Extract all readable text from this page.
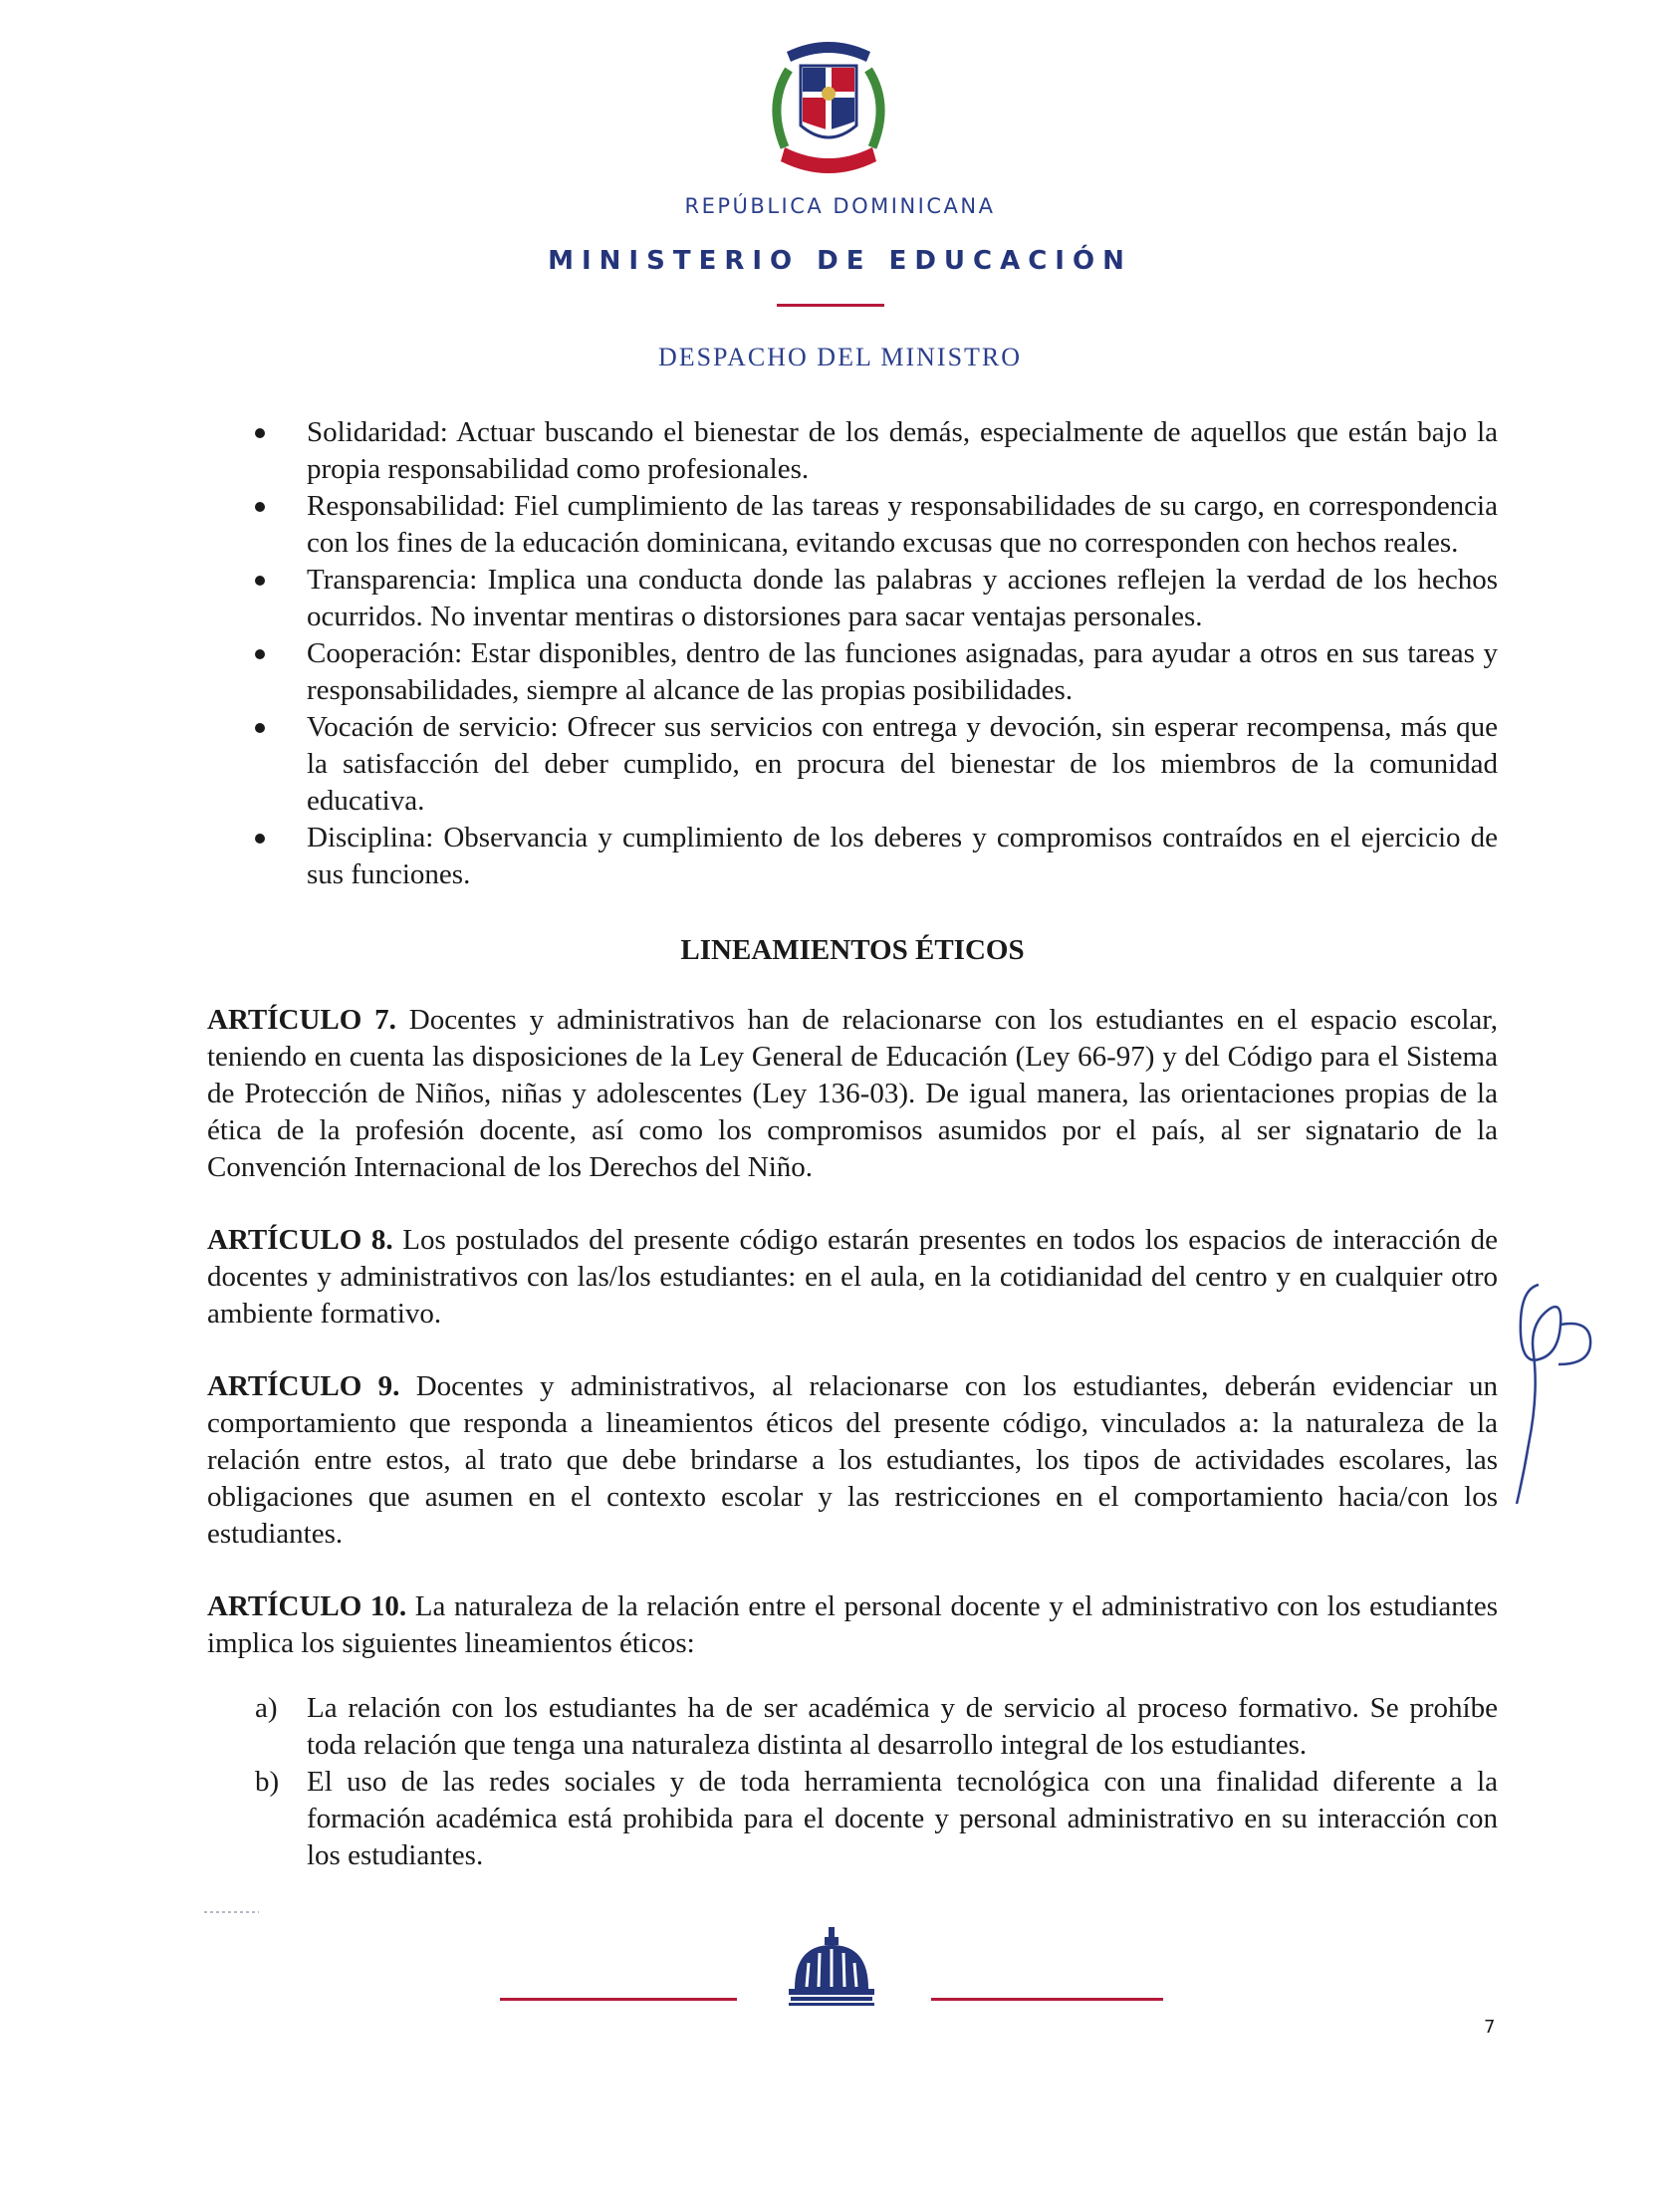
REPÚBLICA DOMINICANA
MINISTERIO DE EDUCACIÓN
DESPACHO DEL MINISTRO
Solidaridad: Actuar buscando el bienestar de los demás, especialmente de aquellos que están bajo la propia responsabilidad como profesionales.
Responsabilidad: Fiel cumplimiento de las tareas y responsabilidades de su cargo, en correspondencia con los fines de la educación dominicana, evitando excusas que no corresponden con hechos reales.
Transparencia: Implica una conducta donde las palabras y acciones reflejen la verdad de los hechos ocurridos. No inventar mentiras o distorsiones para sacar ventajas personales.
Cooperación: Estar disponibles, dentro de las funciones asignadas, para ayudar a otros en sus tareas y responsabilidades, siempre al alcance de las propias posibilidades.
Vocación de servicio: Ofrecer sus servicios con entrega y devoción, sin esperar recompensa, más que la satisfacción del deber cumplido, en procura del bienestar de los miembros de la comunidad educativa.
Disciplina: Observancia y cumplimiento de los deberes y compromisos contraídos en el ejercicio de sus funciones.
LINEAMIENTOS ÉTICOS

ARTÍCULO 7. Docentes y administrativos han de relacionarse con los estudiantes en el espacio escolar, teniendo en cuenta las disposiciones de la Ley General de Educación (Ley 66-97) y del Código para el Sistema de Protección de Niños, niñas y adolescentes (Ley 136-03). De igual manera, las orientaciones propias de la ética de la profesión docente, así como los compromisos asumidos por el país, al ser signatario de la Convención Internacional de los Derechos del Niño.

ARTÍCULO 8. Los postulados del presente código estarán presentes en todos los espacios de interacción de docentes y administrativos con las/los estudiantes: en el aula, en la cotidianidad del centro y en cualquier otro ambiente formativo.

ARTÍCULO 9. Docentes y administrativos, al relacionarse con los estudiantes, deberán evidenciar un comportamiento que responda a lineamientos éticos del presente código, vinculados a: la naturaleza de la relación entre estos, al trato que debe brindarse a los estudiantes, los tipos de actividades escolares, las obligaciones que asumen en el contexto escolar y las restricciones en el comportamiento hacia/con los estudiantes.

ARTÍCULO 10. La naturaleza de la relación entre el personal docente y el administrativo con los estudiantes implica los siguientes lineamientos éticos:

a) La relación con los estudiantes ha de ser académica y de servicio al proceso formativo. Se prohíbe toda relación que tenga una naturaleza distinta al desarrollo integral de los estudiantes.
b) El uso de las redes sociales y de toda herramienta tecnológica con una finalidad diferente a la formación académica está prohibida para el docente y personal administrativo en su interacción con los estudiantes.
7
